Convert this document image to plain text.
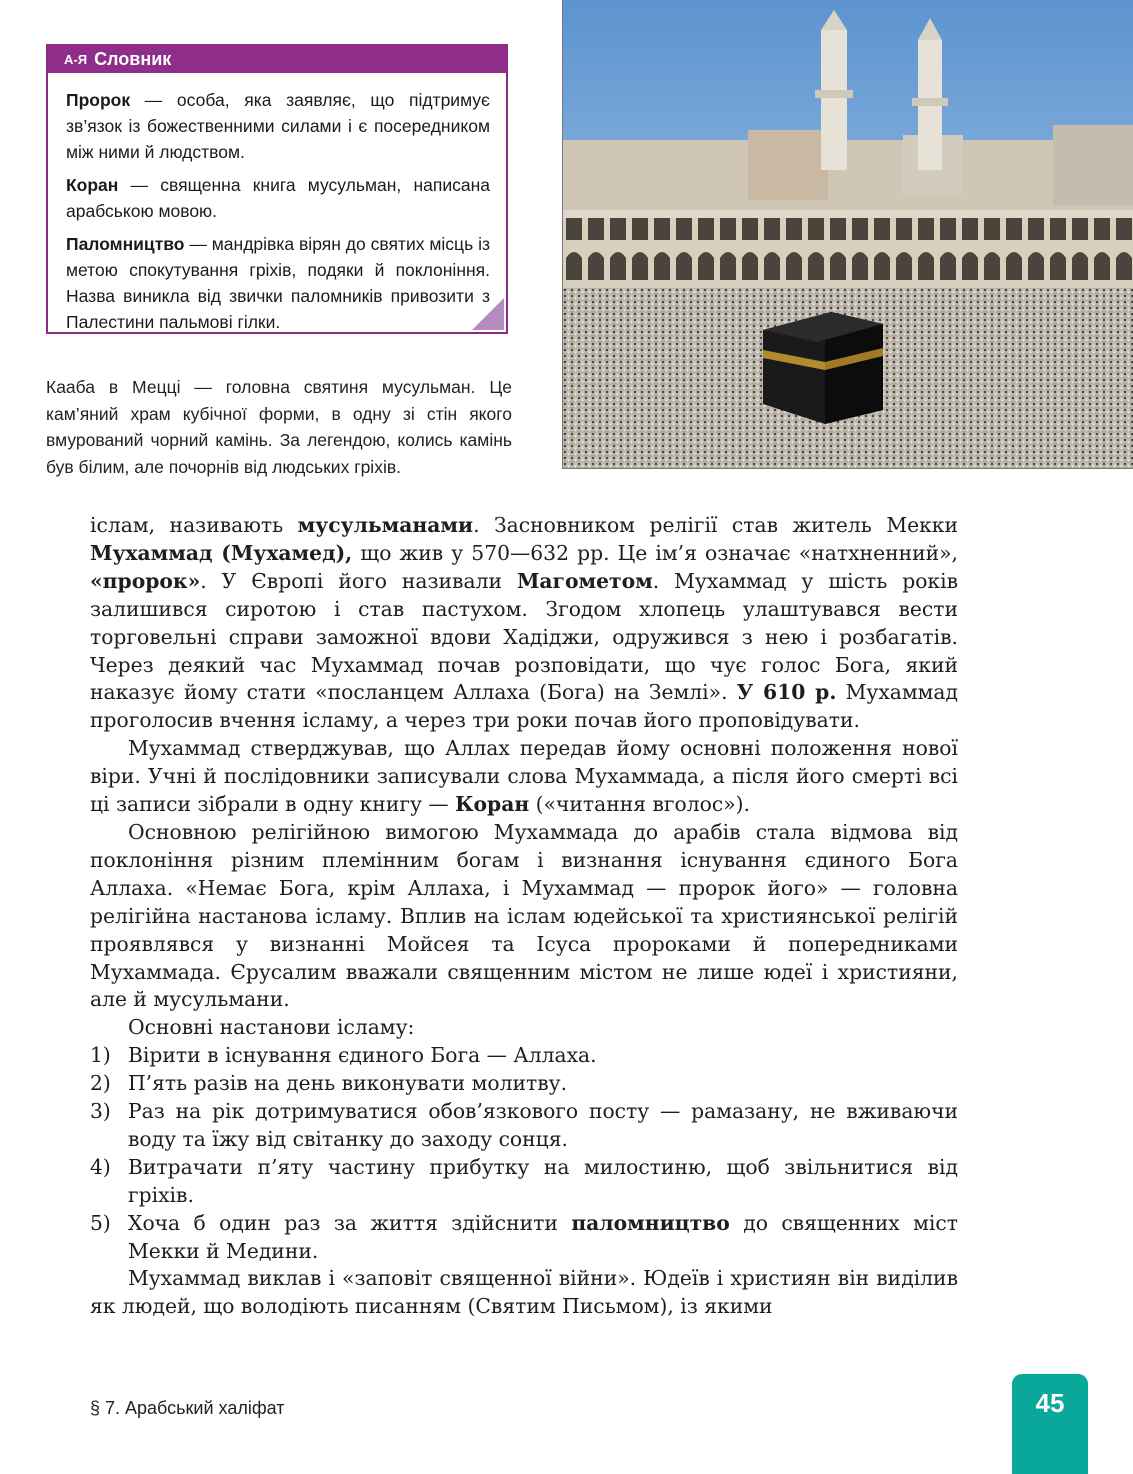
А-Я Словник

Пророк — особа, яка заявляє, що підтримує зв’язок із божественними силами і є посередником між ними й людством.

Коран — священна книга мусульман, написана арабською мовою.

Паломництво — мандрівка вірян до святих місць із метою спокутування гріхів, подяки й поклоніння. Назва виникла від звички паломників привозити з Палестини пальмові гілки.

Кааба в Мецці — головна святиня мусульман. Це кам’яний храм кубічної форми, в одну зі стін якого вмурований чорний камінь. За легендою, колись камінь був білим, але почорнів від людських гріхів.

іслам, називають мусульманами. Засновником релігії став житель Мекки Мухаммад (Мухамед), що жив у 570—632 рр. Це ім’я означає «натхненний», «пророк». У Європі його називали Магометом. Мухаммад у шість років залишився сиротою і став пастухом. Згодом хлопець улаштувався вести торговельні справи заможної вдови Хадіджи, одружився з нею і розбагатів. Через деякий час Мухаммад почав розповідати, що чує голос Бога, який наказує йому стати «посланцем Аллаха (Бога) на Землі». У 610 р. Мухаммад проголосив вчення ісламу, а через три роки почав його проповідувати.

Мухаммад стверджував, що Аллах передав йому основні положення нової віри. Учні й послідовники записували слова Мухаммада, а після його смерті всі ці записи зібрали в одну книгу — Коран («читання вголос»).

Основною релігійною вимогою Мухаммада до арабів стала відмова від поклоніння різним племінним богам і визнання існування єдиного Бога Аллаха. «Немає Бога, крім Аллаха, і Мухаммад — пророк його» — головна релігійна настанова ісламу. Вплив на іслам юдейської та християнської релігій проявлявся у визнанні Мойсея та Ісуса пророками й попередниками Мухаммада. Єрусалим вважали священним містом не лише юдеї і християни, але й мусульмани.

Основні настанови ісламу:

1) Вірити в існування єдиного Бога — Аллаха.
2) П’ять разів на день виконувати молитву.
3) Раз на рік дотримуватися обов’язкового посту — рамазану, не вживаючи воду та їжу від світанку до заходу сонця.
4) Витрачати п’яту частину прибутку на милостиню, щоб звільнитися від гріхів.
5) Хоча б один раз за життя здійснити паломництво до священних міст Мекки й Медини.

Мухаммад виклав і «заповіт священної війни». Юдеїв і християн він виділив як людей, що володіють писанням (Святим Письмом), із якими

§ 7. Арабський халіфат	45
